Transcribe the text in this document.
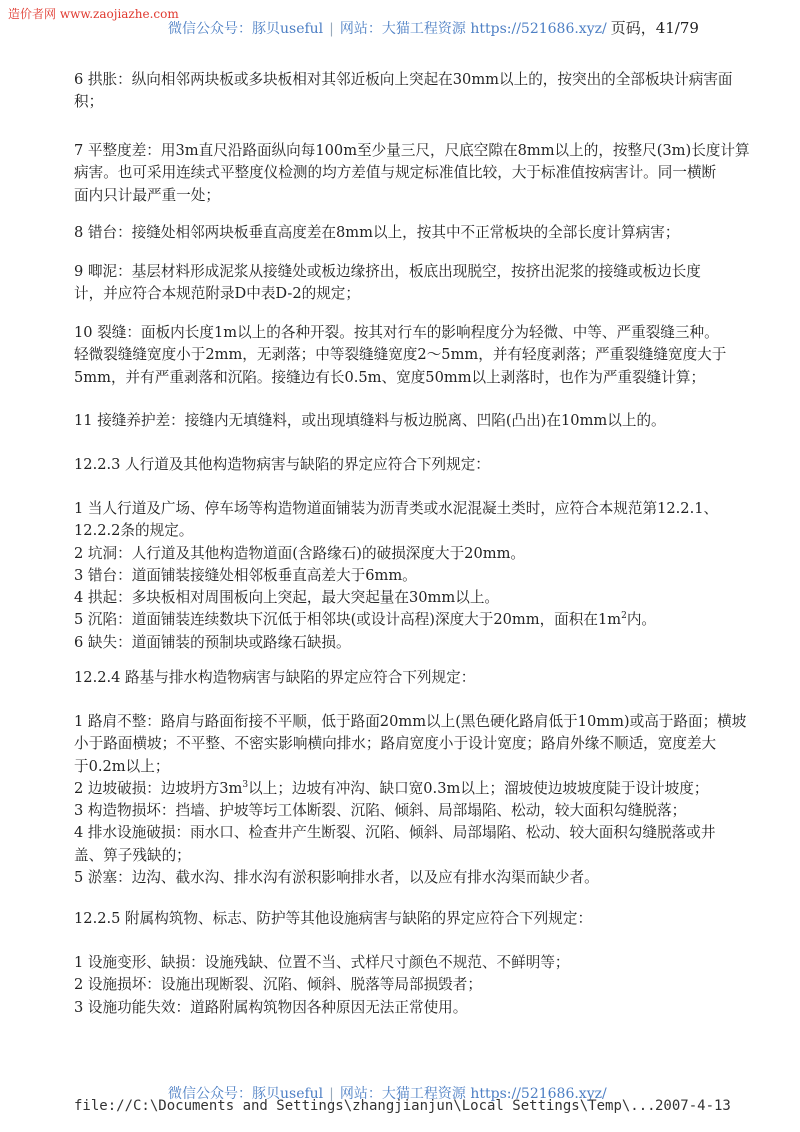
造价者网 www.zaojiazhe.com
微信公众号：豚贝useful | 网站：大猫工程资源 https://521686.xyz/ 页码，41/79
6 拱胀：纵向相邻两块板或多块板相对其邻近板向上突起在30mm以上的，按突出的全部板块计病害面
积；
7 平整度差：用3m直尺沿路面纵向每100m至少量三尺，尺底空隙在8mm以上的，按整尺(3m)长度计算
病害。也可采用连续式平整度仪检测的均方差值与规定标准值比较，大于标准值按病害计。同一横断
面内只计最严重一处；
8 错台：接缝处相邻两块板垂直高度差在8mm以上，按其中不正常板块的全部长度计算病害；
9 唧泥：基层材料形成泥浆从接缝处或板边缘挤出，板底出现脱空，按挤出泥浆的接缝或板边长度
计，并应符合本规范附录D中表D-2的规定；
10 裂缝：面板内长度1m以上的各种开裂。按其对行车的影响程度分为轻微、中等、严重裂缝三种。
轻微裂缝缝宽度小于2mm，无剥落；中等裂缝缝宽度2～5mm，并有轻度剥落；严重裂缝缝宽度大于
5mm，并有严重剥落和沉陷。接缝边有长0.5m、宽度50mm以上剥落时，也作为严重裂缝计算；
11 接缝养护差：接缝内无填缝料，或出现填缝料与板边脱离、凹陷(凸出)在10mm以上的。
12.2.3 人行道及其他构造物病害与缺陷的界定应符合下列规定：
1 当人行道及广场、停车场等构造物道面铺装为沥青类或水泥混凝土类时，应符合本规范第12.2.1、
12.2.2条的规定。
2 坑洞：人行道及其他构造物道面(含路缘石)的破损深度大于20mm。
3 错台：道面铺装接缝处相邻板垂直高差大于6mm。
4 拱起：多块板相对周围板向上突起，最大突起量在30mm以上。
5 沉陷：道面铺装连续数块下沉低于相邻块(或设计高程)深度大于20mm，面积在$1m^2$内。
6 缺失：道面铺装的预制块或路缘石缺损。
12.2.4 路基与排水构造物病害与缺陷的界定应符合下列规定：
1 路肩不整：路肩与路面衔接不平顺，低于路面20mm以上(黑色硬化路肩低于10mm)或高于路面；横坡
小于路面横坡；不平整、不密实影响横向排水；路肩宽度小于设计宽度；路肩外缘不顺适，宽度差大
于0.2m以上；
2 边坡破损：边坡坍方$3m^3$以上；边坡有冲沟、缺口宽0.3m以上；溜坡使边坡坡度陡于设计坡度；
3 构造物损坏：挡墙、护坡等圬工体断裂、沉陷、倾斜、局部塌陷、松动，较大面积勾缝脱落；
4 排水设施破损：雨水口、检查井产生断裂、沉陷、倾斜、局部塌陷、松动、较大面积勾缝脱落或井
盖、箅子残缺的；
5 淤塞：边沟、截水沟、排水沟有淤积影响排水者，以及应有排水沟渠而缺少者。
12.2.5 附属构筑物、标志、防护等其他设施病害与缺陷的界定应符合下列规定：
1 设施变形、缺损：设施残缺、位置不当、式样尺寸颜色不规范、不鲜明等；
2 设施损坏：设施出现断裂、沉陷、倾斜、脱落等局部损毁者；
3 设施功能失效：道路附属构筑物因各种原因无法正常使用。
微信公众号：豚贝useful | 网站：大猫工程资源 https://521686.xyz/
file://C:\Documents and Settings\zhangjianjun\Local Settings\Temp\... 2007-4-13
